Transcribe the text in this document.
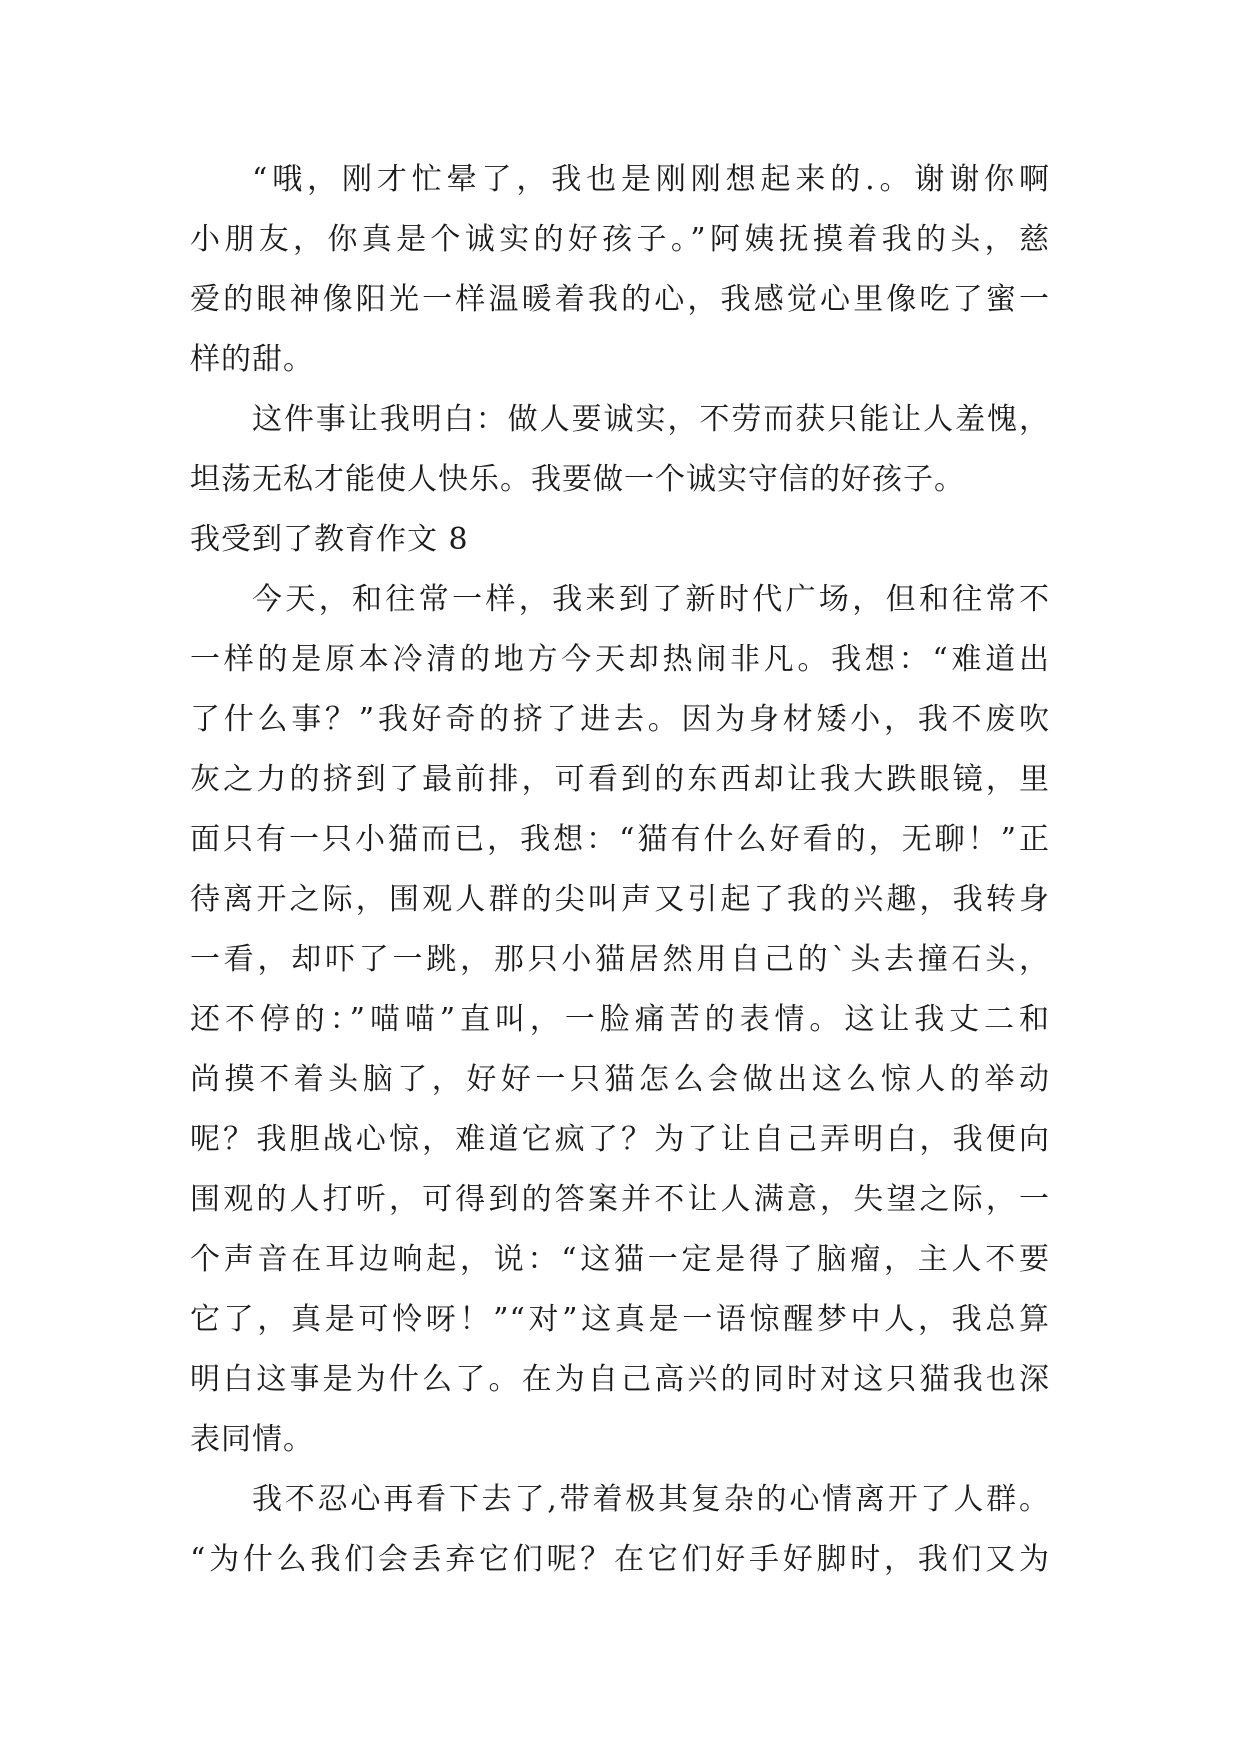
“哦，刚才忙晕了，我也是刚刚想起来的.。谢谢你啊
小朋友，你真是个诚实的好孩子。”阿姨抚摸着我的头，慈
爱的眼神像阳光一样温暖着我的心，我感觉心里像吃了蜜一
样的甜。
这件事让我明白：做人要诚实，不劳而获只能让人羞愧，
坦荡无私才能使人快乐。我要做一个诚实守信的好孩子。
我受到了教育作文 8
今天，和往常一样，我来到了新时代广场，但和往常不
一样的是原本冷清的地方今天却热闹非凡。我想：“难道出
了什么事？”我好奇的挤了进去。因为身材矮小，我不废吹
灰之力的挤到了最前排，可看到的东西却让我大跌眼镜，里
面只有一只小猫而已，我想：“猫有什么好看的，无聊！”正
待离开之际，围观人群的尖叫声又引起了我的兴趣，我转身
一看，却吓了一跳，那只小猫居然用自己的`头去撞石头，
还不停的：”喵喵”直叫，一脸痛苦的表情。这让我丈二和
尚摸不着头脑了，好好一只猫怎么会做出这么惊人的举动
呢？我胆战心惊，难道它疯了？为了让自己弄明白，我便向
围观的人打听，可得到的答案并不让人满意，失望之际，一
个声音在耳边响起，说：“这猫一定是得了脑瘤，主人不要
它了，真是可怜呀！”“对”这真是一语惊醒梦中人，我总算
明白这事是为什么了。在为自己高兴的同时对这只猫我也深
表同情。
我不忍心再看下去了,带着极其复杂的心情离开了人群。
“为什么我们会丢弃它们呢？在它们好手好脚时，我们又为
